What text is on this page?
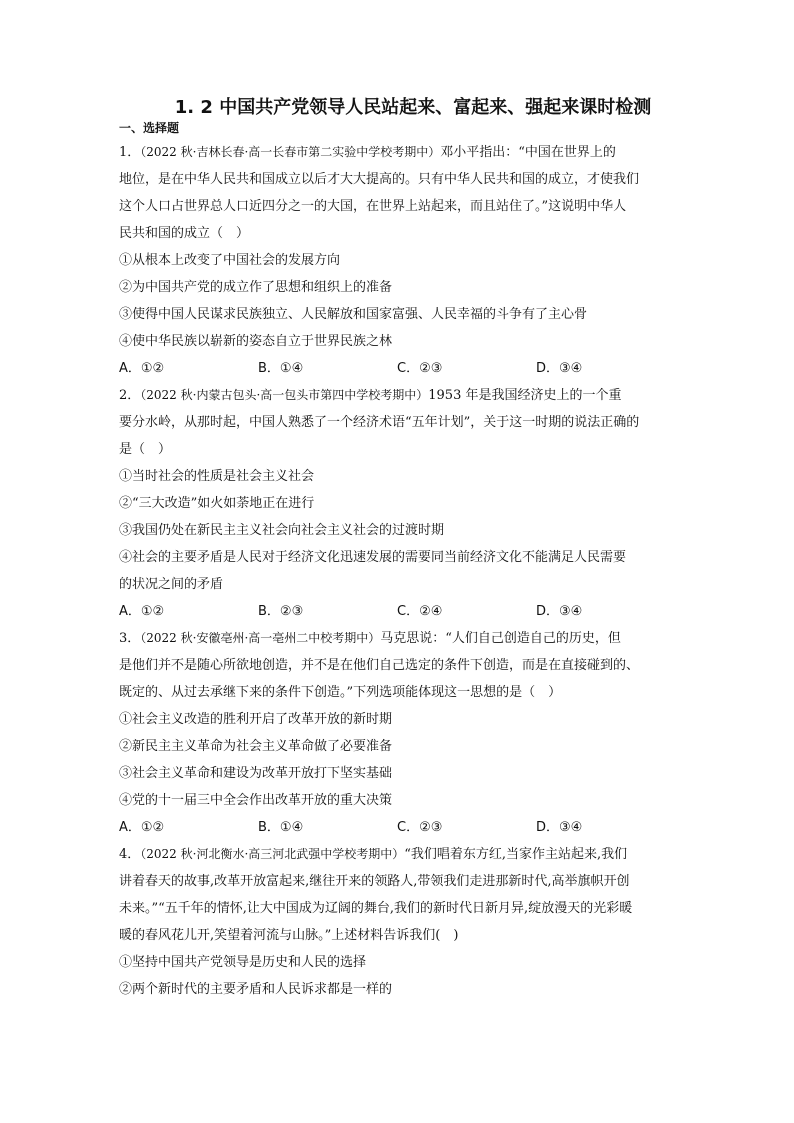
1. 2 中国共产党领导人民站起来、富起来、强起来课时检测
一、选择题
1．（2022 秋·吉林长春·高一长春市第二实验中学校考期中）邓小平指出：“中国在世界上的
地位，是在中华人民共和国成立以后才大大提高的。只有中华人民共和国的成立，才使我们
这个人口占世界总人口近四分之一的大国，在世界上站起来，而且站住了。”这说明中华人
民共和国的成立（　）
①从根本上改变了中国社会的发展方向
②为中国共产党的成立作了思想和组织上的准备
③使得中国人民谋求民族独立、人民解放和国家富强、人民幸福的斗争有了主心骨
④使中华民族以崭新的姿态自立于世界民族之林
A．①②	B．①④	C．②③	D．③④
2．（2022 秋·内蒙古包头·高一包头市第四中学校考期中）1953 年是我国经济史上的一个重
要分水岭，从那时起，中国人熟悉了一个经济术语“五年计划”，关于这一时期的说法正确的
是（　）
①当时社会的性质是社会主义社会
②“三大改造”如火如荼地正在进行
③我国仍处在新民主主义社会向社会主义社会的过渡时期
④社会的主要矛盾是人民对于经济文化迅速发展的需要同当前经济文化不能满足人民需要
的状况之间的矛盾
A．①②	B．②③	C．②④	D．③④
3．（2022 秋·安徽亳州·高一亳州二中校考期中）马克思说：“人们自己创造自己的历史，但
是他们并不是随心所欲地创造，并不是在他们自己选定的条件下创造，而是在直接碰到的、
既定的、从过去承继下来的条件下创造。”下列选项能体现这一思想的是（　）
①社会主义改造的胜利开启了改革开放的新时期
②新民主主义革命为社会主义革命做了必要准备
③社会主义革命和建设为改革开放打下坚实基础
④党的十一届三中全会作出改革开放的重大决策
A．①②	B．①④	C．②③	D．③④
4．（2022 秋·河北衡水·高三河北武强中学校考期中）“我们唱着东方红,当家作主站起来,我们
讲着春天的故事,改革开放富起来,继往开来的领路人,带领我们走进那新时代,高举旗帜开创
未来。”“五千年的情怀,让大中国成为辽阔的舞台,我们的新时代日新月异,绽放漫天的光彩暖
暖的春风花儿开,笑望着河流与山脉。”上述材料告诉我们(　)
①坚持中国共产党领导是历史和人民的选择
②两个新时代的主要矛盾和人民诉求都是一样的
